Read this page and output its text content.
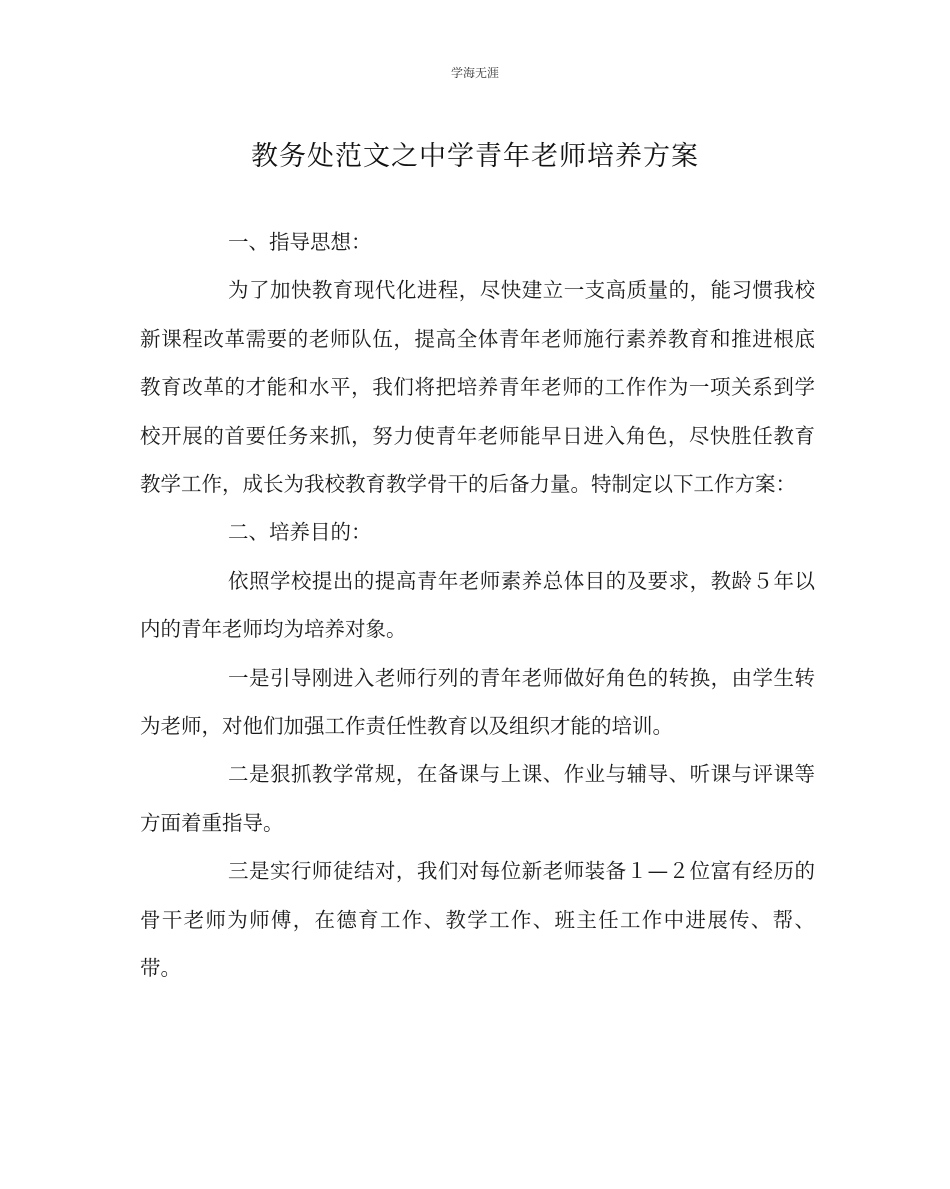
学海无涯
教务处范文之中学青年老师培养方案

一、指导思想：

为了加快教育现代化进程，尽快建立一支高质量的，能习惯我校新课程改革需要的老师队伍，提高全体青年老师施行素养教育和推进根底教育改革的才能和水平，我们将把培养青年老师的工作作为一项关系到学校开展的首要任务来抓，努力使青年老师能早日进入角色，尽快胜任教育教学工作，成长为我校教育教学骨干的后备力量。特制定以下工作方案：

二、培养目的：

依照学校提出的提高青年老师素养总体目的及要求，教龄５年以内的青年老师均为培养对象。

一是引导刚进入老师行列的青年老师做好角色的转换，由学生转为老师，对他们加强工作责任性教育以及组织才能的培训。

二是狠抓教学常规，在备课与上课、作业与辅导、听课与评课等方面着重指导。

三是实行师徒结对，我们对每位新老师装备１—２位富有经历的骨干老师为师傅，在德育工作、教学工作、班主任工作中进展传、帮、带。
